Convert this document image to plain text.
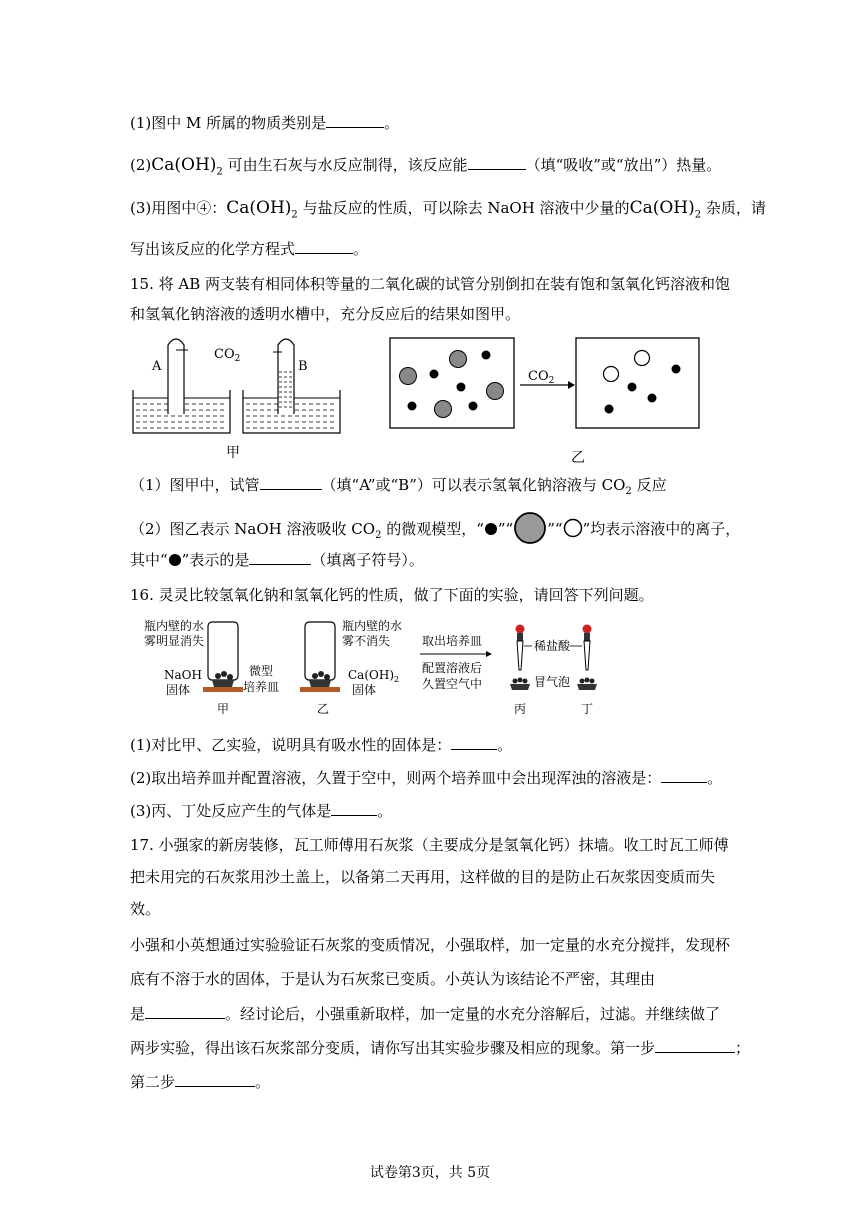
(1)图中 M 所属的物质类别是	。
$(2)Ca(OH)_2$ 可由生石灰与水反应制得，该反应能	（填“吸收”或“放出”）热量。
(3)用图中④：$Ca(OH)_2$ 与盐反应的性质，可以除去 NaOH 溶液中少量的$Ca(OH)_2$ 杂质，请
写出该反应的化学方程式	。
15. 将 AB 两支装有相同体积等量的二氧化碳的试管分别倒扣在装有饱和氢氧化钙溶液和饱
和氢氧化钠溶液的透明水槽中，充分反应后的结果如图甲。
A
$CO_2$	B
甲
$CO_2$
乙
（1）图甲中，试管	（填“A”或“B”）可以表示氢氧化钠溶液与 $CO_2$ 反应
（2）图乙表示 NaOH 溶液吸收 $CO_2$ 的微观模型，“ ”“ ”“ ”均表示溶液中的离子，
其中“ ”表示的是	（填离子符号）。
16. 灵灵比较氢氧化钠和氢氧化钙的性质，做了下面的实验，请回答下列问题。
瓶内壁的水
雾明显消失
NaOH
固体
甲
微型
培养皿
乙
瓶内壁的水
雾不消失
$Ca(OH)_2$
固体
取出培养皿
配置溶液后
久置空气中
丙
稀盐酸
冒气泡
丁
(1)对比甲、乙实验，说明具有吸水性的固体是：	。
(2)取出培养皿并配置溶液，久置于空中，则两个培养皿中会出现浑浊的溶液是：	。
(3)丙、丁处反应产生的气体是	。
17. 小强家的新房装修，瓦工师傅用石灰浆（主要成分是氢氧化钙）抹墙。收工时瓦工师傅
把未用完的石灰浆用沙土盖上，以备第二天再用，这样做的目的是防止石灰浆因变质而失
效。
小强和小英想通过实验验证石灰浆的变质情况，小强取样，加一定量的水充分搅拌，发现杯
底有不溶于水的固体，于是认为石灰浆已变质。小英认为该结论不严密，其理由
是	。经讨论后，小强重新取样，加一定量的水充分溶解后，过滤。并继续做了
两步实验，得出该石灰浆部分变质，请你写出其实验步骤及相应的现象。第一步	；
第二步	。
试卷第3页，共 5页
